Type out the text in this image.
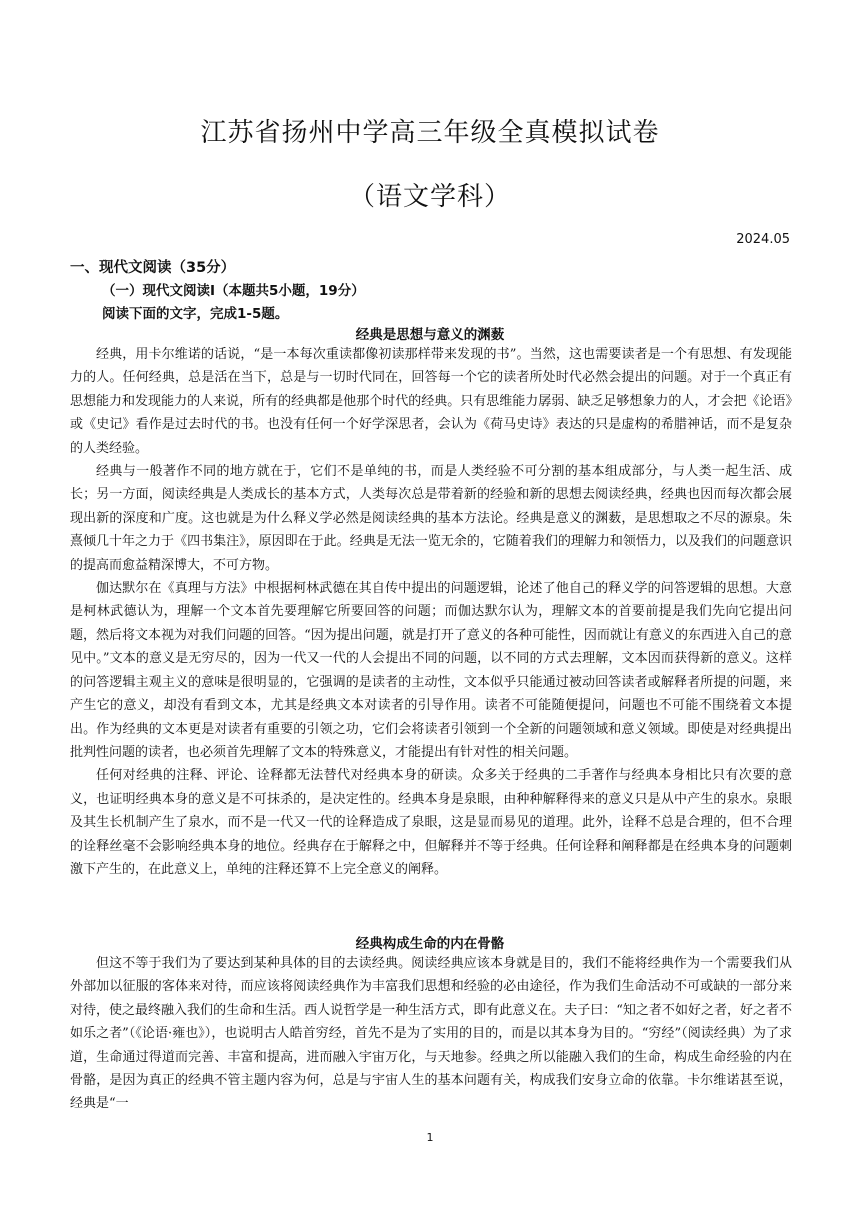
江苏省扬州中学高三年级全真模拟试卷
（语文学科）
2024.05
一、现代文阅读（35分）
（一）现代文阅读Ⅰ（本题共5小题，19分）
阅读下面的文字，完成1-5题。
经典是思想与意义的渊薮

经典，用卡尔维诺的话说，“是一本每次重读都像初读那样带来发现的书”。当然，这也需要读者是一个有思想、有发现能力的人。任何经典，总是活在当下，总是与一切时代同在，回答每一个它的读者所处时代必然会提出的问题。对于一个真正有思想能力和发现能力的人来说，所有的经典都是他那个时代的经典。只有思维能力孱弱、缺乏足够想象力的人，才会把《论语》或《史记》看作是过去时代的书。也没有任何一个好学深思者，会认为《荷马史诗》表达的只是虚构的希腊神话，而不是复杂的人类经验。

经典与一般著作不同的地方就在于，它们不是单纯的书，而是人类经验不可分割的基本组成部分，与人类一起生活、成长；另一方面，阅读经典是人类成长的基本方式，人类每次总是带着新的经验和新的思想去阅读经典，经典也因而每次都会展现出新的深度和广度。这也就是为什么释义学必然是阅读经典的基本方法论。经典是意义的渊薮，是思想取之不尽的源泉。朱熹倾几十年之力于《四书集注》，原因即在于此。经典是无法一览无余的，它随着我们的理解力和领悟力，以及我们的问题意识的提高而愈益精深博大，不可方物。

伽达默尔在《真理与方法》中根据柯林武德在其自传中提出的问题逻辑，论述了他自己的释义学的问答逻辑的思想。大意是柯林武德认为，理解一个文本首先要理解它所要回答的问题；而伽达默尔认为，理解文本的首要前提是我们先向它提出问题，然后将文本视为对我们问题的回答。“因为提出问题，就是打开了意义的各种可能性，因而就让有意义的东西进入自己的意见中。”文本的意义是无穷尽的，因为一代又一代的人会提出不同的问题，以不同的方式去理解，文本因而获得新的意义。这样的问答逻辑主观主义的意味是很明显的，它强调的是读者的主动性，文本似乎只能通过被动回答读者或解释者所提的问题，来产生它的意义，却没有看到文本，尤其是经典文本对读者的引导作用。读者不可能随便提问，问题也不可能不围绕着文本提出。作为经典的文本更是对读者有重要的引领之功，它们会将读者引领到一个全新的问题领域和意义领域。即使是对经典提出批判性问题的读者，也必须首先理解了文本的特殊意义，才能提出有针对性的相关问题。

任何对经典的注释、评论、诠释都无法替代对经典本身的研读。众多关于经典的二手著作与经典本身相比只有次要的意义，也证明经典本身的意义是不可抹杀的，是决定性的。经典本身是泉眼，由种种解释得来的意义只是从中产生的泉水。泉眼及其生长机制产生了泉水，而不是一代又一代的诠释造成了泉眼，这是显而易见的道理。此外，诠释不总是合理的，但不合理的诠释丝毫不会影响经典本身的地位。经典存在于解释之中，但解释并不等于经典。任何诠释和阐释都是在经典本身的问题刺激下产生的，在此意义上，单纯的注释还算不上完全意义的阐释。

经典构成生命的内在骨骼

但这不等于我们为了要达到某种具体的目的去读经典。阅读经典应该本身就是目的，我们不能将经典作为一个需要我们从外部加以征服的客体来对待，而应该将阅读经典作为丰富我们思想和经验的必由途径，作为我们生命活动不可或缺的一部分来对待，使之最终融入我们的生命和生活。西人说哲学是一种生活方式，即有此意义在。夫子曰：“知之者不如好之者，好之者不如乐之者”（《论语·雍也》），也说明古人皓首穷经，首先不是为了实用的目的，而是以其本身为目的。“穷经”（阅读经典）为了求道，生命通过得道而完善、丰富和提高，进而融入宇宙万化，与天地参。经典之所以能融入我们的生命，构成生命经验的内在骨骼，是因为真正的经典不管主题内容为何，总是与宇宙人生的基本问题有关，构成我们安身立命的依靠。卡尔维诺甚至说，经典是“一

1
